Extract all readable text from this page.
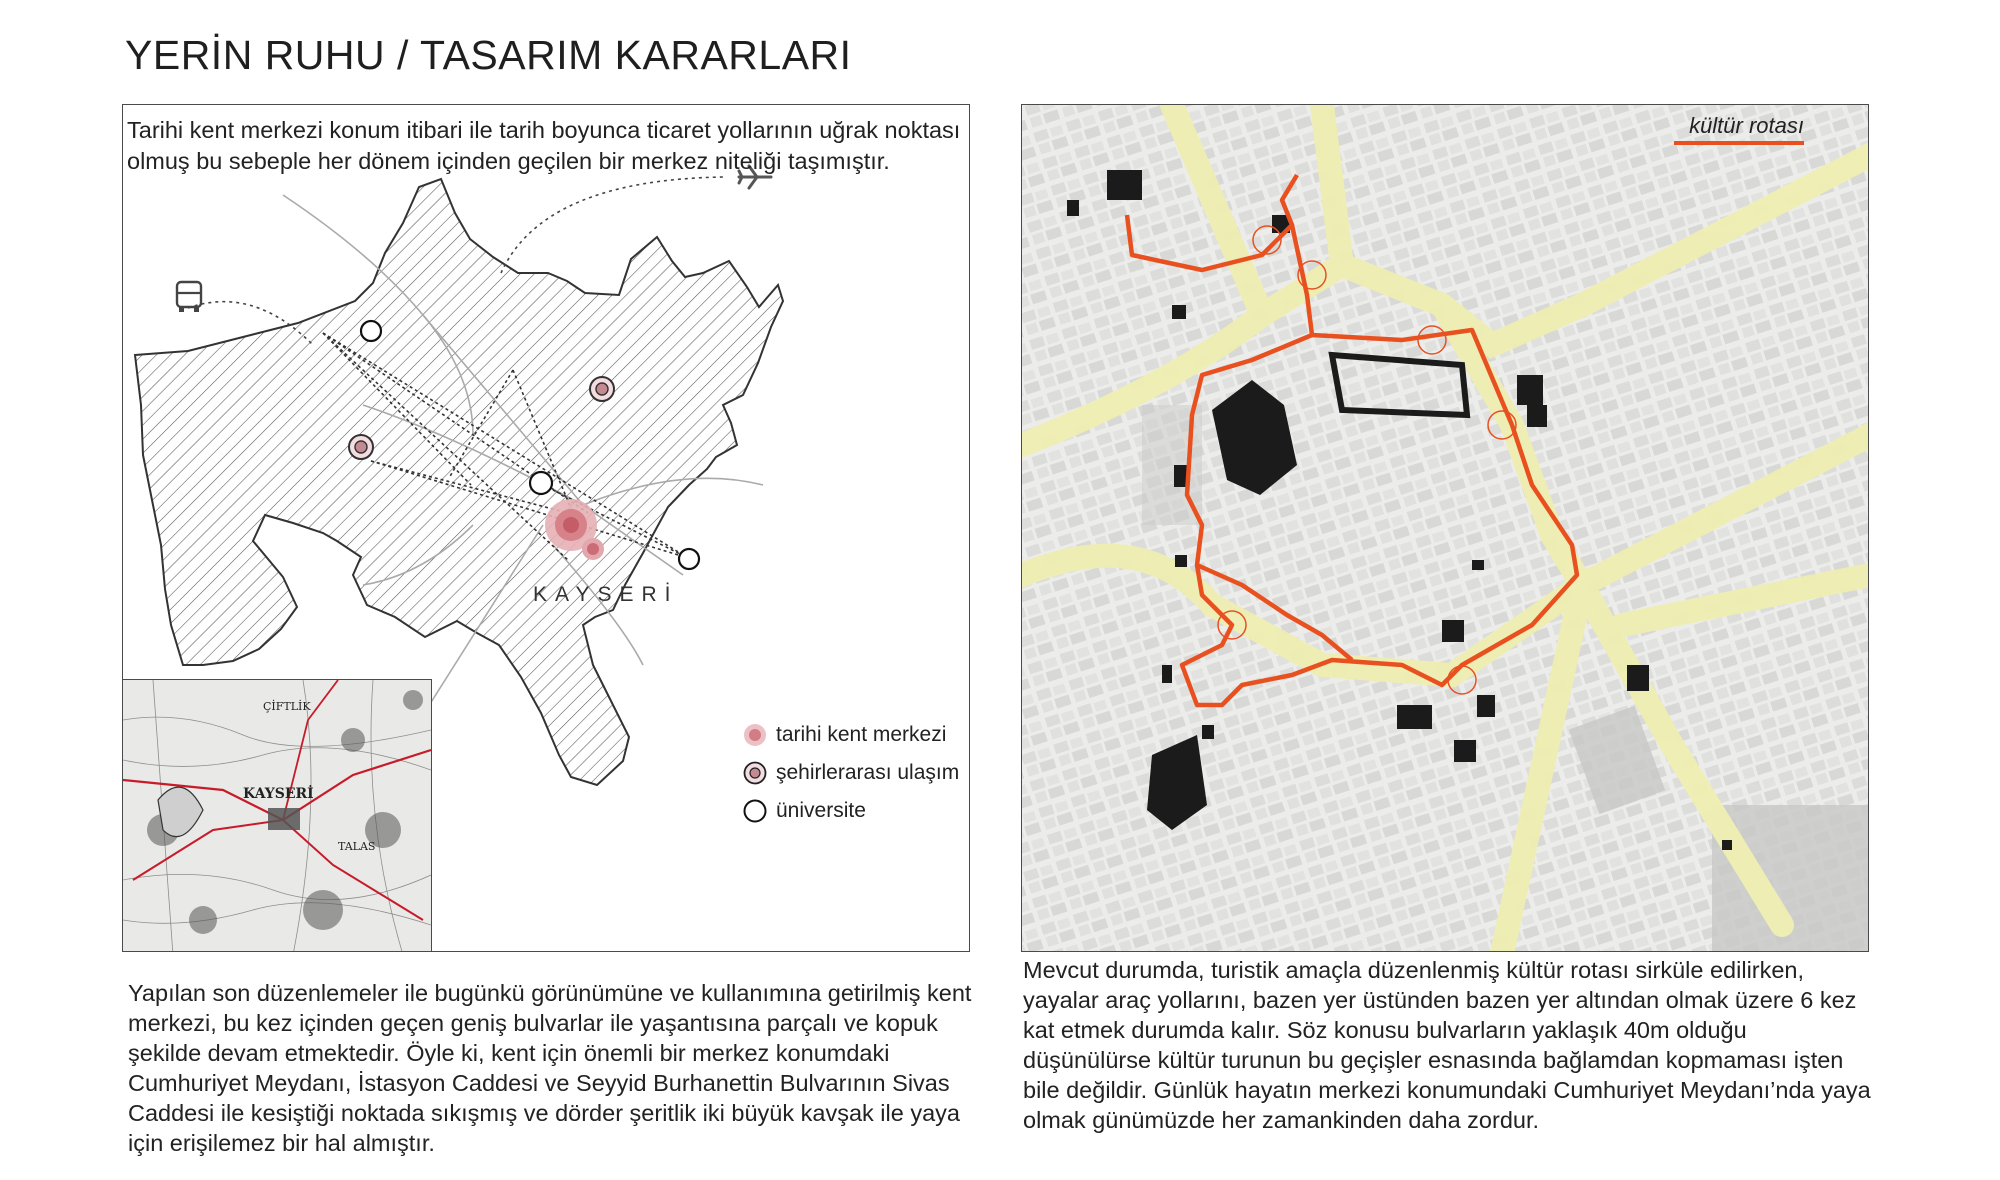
YERİN RUHU / TASARIM KARARLARI
Tarihi kent merkezi konum itibari ile tarih boyunca ticaret yollarının uğrak noktası olmuş bu sebeple her dönem içinden geçilen bir merkez niteliği taşımıştır.
KAYSERİ
tarihi kent merkezi
şehirlerarası ulaşım
üniversite
KAYSERİ
ÇİFTLİK
TALAS
kültür rotası
Yapılan son düzenlemeler ile bugünkü görünümüne ve kullanımına getirilmiş kent merkezi, bu kez içinden geçen geniş bulvarlar ile yaşantısına parçalı ve kopuk şekilde devam etmektedir. Öyle ki, kent için önemli bir merkez konumdaki Cumhuriyet Meydanı, İstasyon Caddesi ve Seyyid Burhanettin Bulvarının Sivas Caddesi ile kesiştiği noktada sıkışmış ve dörder şeritlik iki büyük kavşak ile yaya için erişilemez bir hal almıştır.
Mevcut durumda, turistik amaçla düzenlenmiş kültür rotası sirküle edilirken, yayalar araç yollarını, bazen yer üstünden bazen yer altından olmak üzere 6 kez kat etmek durumda kalır. Söz konusu bulvarların yaklaşık 40m olduğu düşünülürse kültür turunun bu geçişler esnasında bağlamdan kopmaması işten bile değildir. Günlük hayatın merkezi konumundaki Cumhuriyet Meydanı’nda yaya olmak günümüzde her zamankinden daha zordur.
